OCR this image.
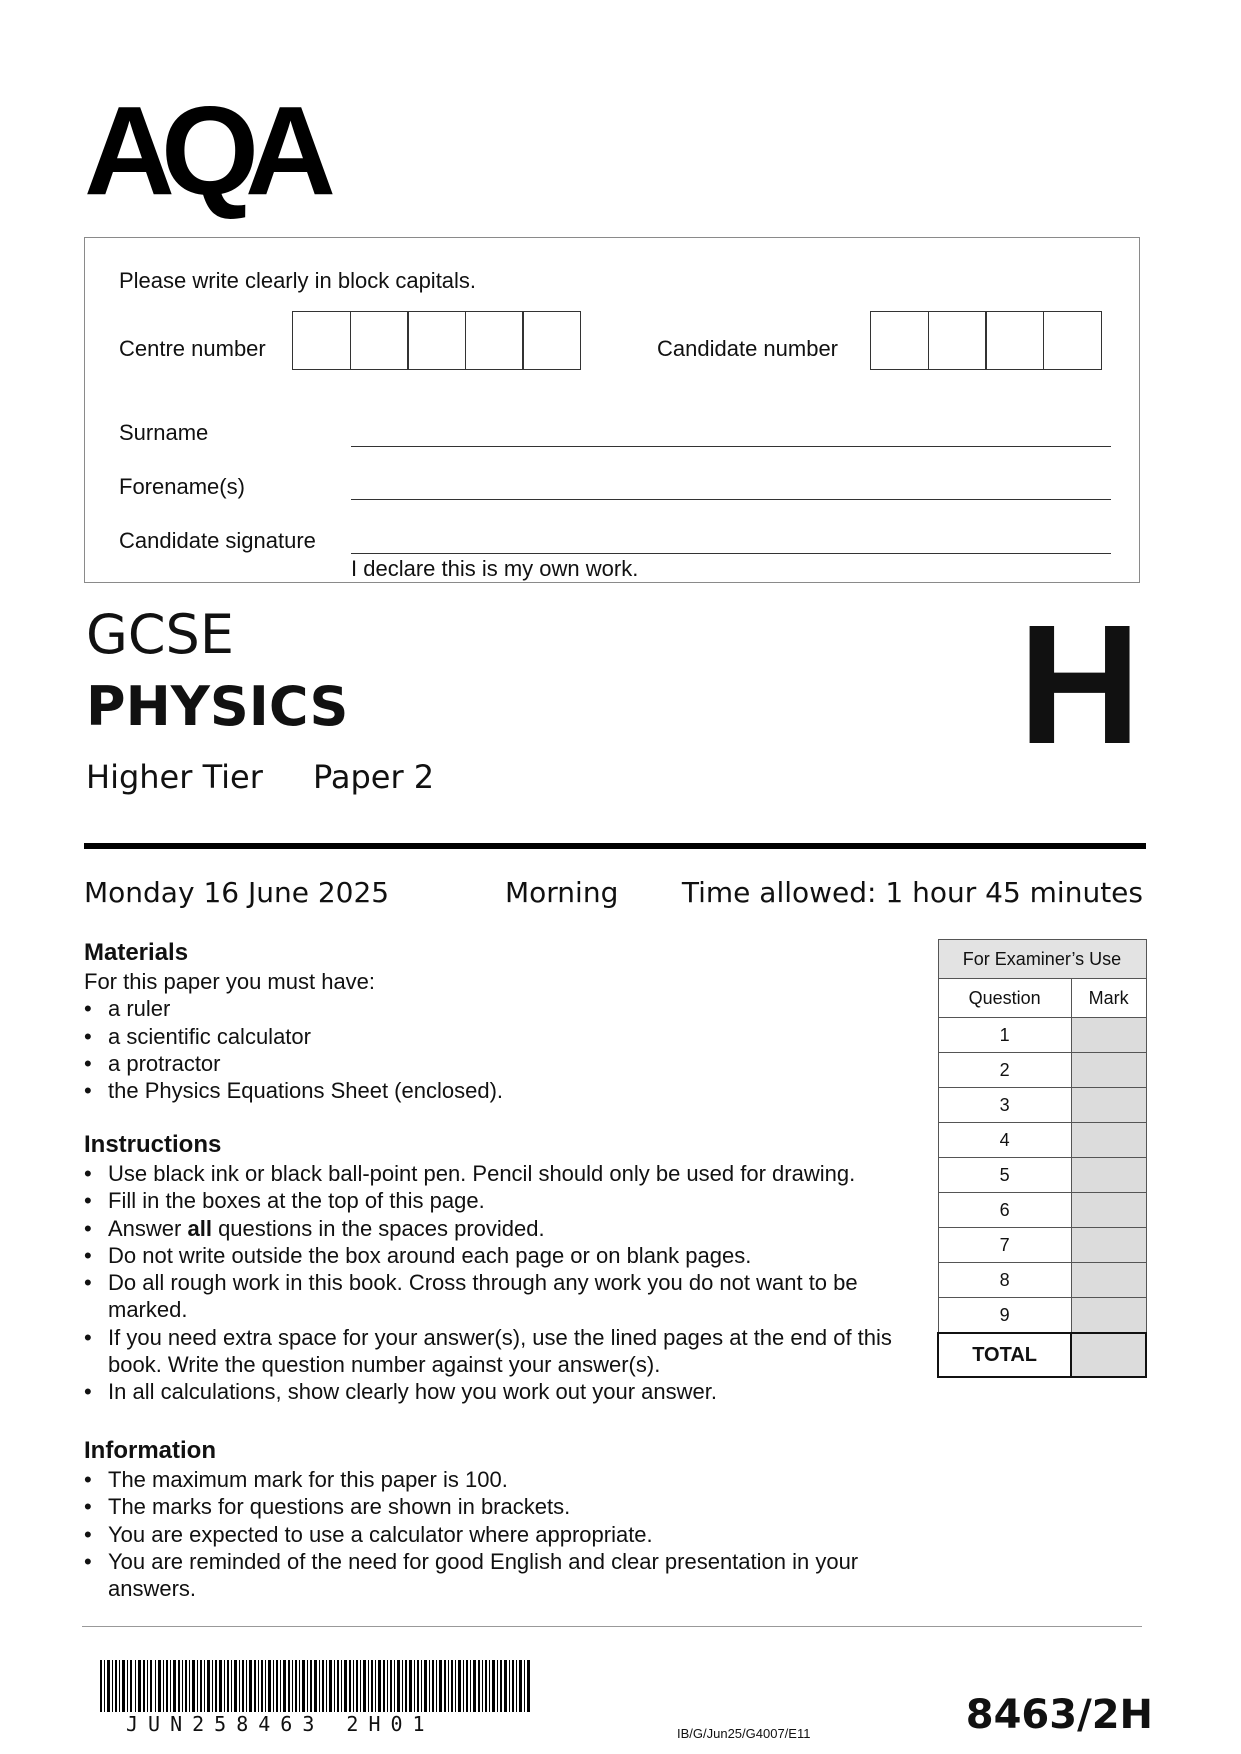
AQA
Please write clearly in block capitals.
Centre number	Candidate number
Surname
Forename(s)
Candidate signature
I declare this is my own work.
GCSE
PHYSICS
Higher Tier Paper 2	H
Monday 16 June 2025	Morning Time allowed: 1 hour 45 minutes
Materials
For this paper you must have:
• a ruler
• a scientific calculator
• a protractor
• the Physics Equations Sheet (enclosed).
Instructions
• Use black ink or black ball-point pen. Pencil should only be used for drawing.
• Fill in the boxes at the top of this page.
• Answer all questions in the spaces provided.
• Do not write outside the box around each page or on blank pages.
• Do all rough work in this book. Cross through any work you do not want to be marked.
• If you need extra space for your answer(s), use the lined pages at the end of this book. Write the question number against your answer(s).
• In all calculations, show clearly how you work out your answer.
Information
• The maximum mark for this paper is 100.
• The marks for questions are shown in brackets.
• You are expected to use a calculator where appropriate.
• You are reminded of the need for good English and clear presentation in your answers.
For Examiner’s Use	
Question	Mark
1	
2	
3	
4	
5	
6	
7	
8	
9	
TOTAL	
JUN258463 2H01	IB/G/Jun25/G4007/E11	8463/2H
